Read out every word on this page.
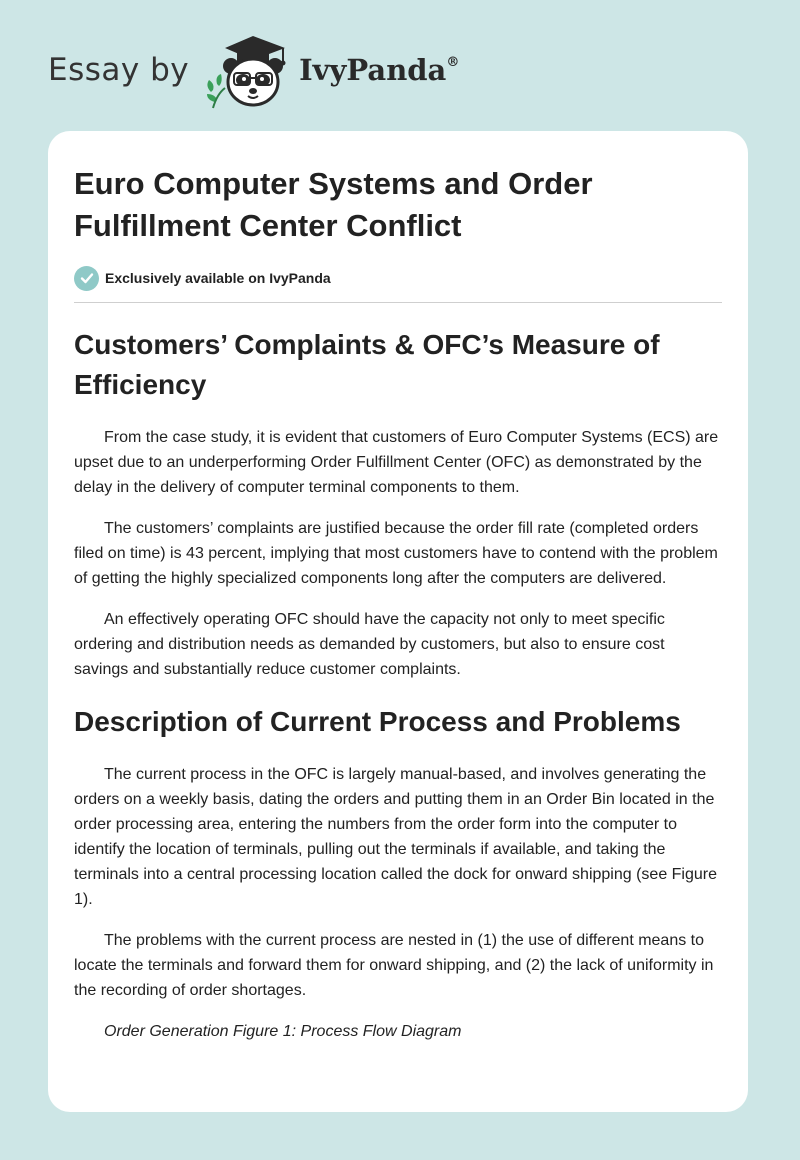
Essay by	IvyPanda®
Euro Computer Systems and Order Fulfillment Center Conflict
Exclusively available on IvyPanda
Customers’ Complaints & OFC’s Measure of Efficiency

From the case study, it is evident that customers of Euro Computer Systems (ECS) are upset due to an underperforming Order Fulfillment Center (OFC) as demonstrated by the delay in the delivery of computer terminal components to them.

The customers’ complaints are justified because the order fill rate (completed orders filed on time) is 43 percent, implying that most customers have to contend with the problem of getting the highly specialized components long after the computers are delivered.

An effectively operating OFC should have the capacity not only to meet specific ordering and distribution needs as demanded by customers, but also to ensure cost savings and substantially reduce customer complaints.

Description of Current Process and Problems

The current process in the OFC is largely manual-based, and involves generating the orders on a weekly basis, dating the orders and putting them in an Order Bin located in the order processing area, entering the numbers from the order form into the computer to identify the location of terminals, pulling out the terminals if available, and taking the terminals into a central processing location called the dock for onward shipping (see Figure 1).

The problems with the current process are nested in (1) the use of different means to locate the terminals and forward them for onward shipping, and (2) the lack of uniformity in the recording of order shortages.

Order Generation Figure 1: Process Flow Diagram
